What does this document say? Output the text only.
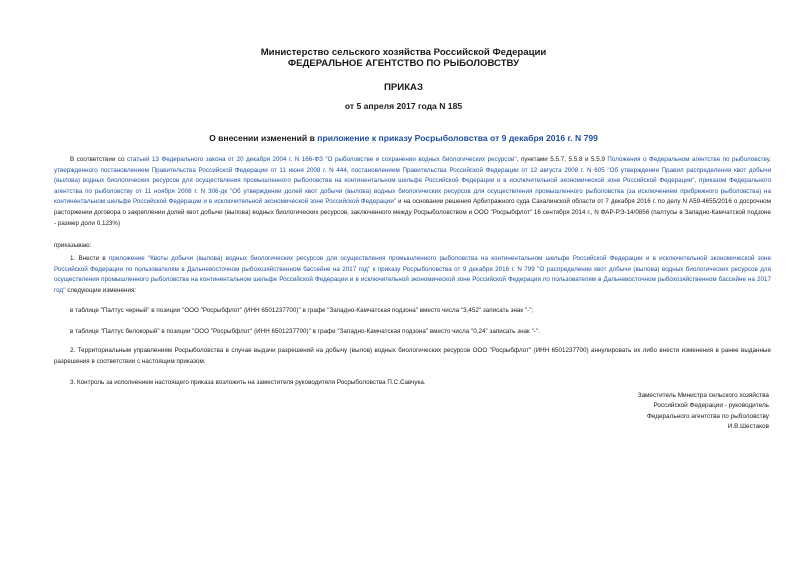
Министерство сельского хозяйства Российской Федерации
ФЕДЕРАЛЬНОЕ АГЕНТСТВО ПО РЫБОЛОВСТВУ
ПРИКАЗ
от 5 апреля 2017 года N 185
О внесении изменений в приложение к приказу Росрыболовства от 9 декабря 2016 г. N 799
В соответствии со статьей 13 Федерального закона от 20 декабря 2004 г. N 166-ФЗ "О рыболовстве и сохранении водных биологических ресурсов", пунктами 5.5.7, 5.5.8 и 5.5.9 Положения о Федеральном агентстве по рыболовству, утвержденного постановлением Правительства Российской Федерации от 11 июня 2008 г. N 444, постановлением Правительства Российской Федерации от 12 августа 2008 г. N 605 "Об утверждении Правил распределения квот добычи (вылова) водных биологических ресурсов для осуществления промышленного рыболовства на континентальном шельфе Российской Федерации и в исключительной экономической зоне Российской Федерации", приказом Федерального агентства по рыболовству от 11 ноября 2008 г. N 306-дк "Об утверждении долей квот добычи (вылова) водных биологических ресурсов для осуществления промышленного рыболовства (за исключением прибрежного рыболовства) на континентальном шельфе Российской Федерации и в исключительной экономической зоне Российской Федерации" и на основании решения Арбитражного суда Сахалинской области от 7 декабря 2016 г. по делу N А59-4655/2016 о досрочном расторжении договора о закреплении долей квот добычи (вылова) водных биологических ресурсов, заключенного между Росрыболовством и ООО "Росрыбфлот" 16 сентября 2014 г., N ФАР-РЭ-14/0856 (палтусы в Западно-Камчатской подзоне - размер доли 0,123%)
приказываю:
1. Внести в приложение "Квоты добычи (вылова) водных биологических ресурсов для осуществления промышленного рыболовства на континентальном шельфе Российской Федерации и в исключительной экономической зоне Российской Федерации по пользователям в Дальневосточном рыбохозяйственном бассейне на 2017 год" к приказу Росрыболовства от 9 декабря 2016 г. N 799 "О распределении квот добычи (вылова) водных биологических ресурсов для осуществления промышленного рыболовства на континентальном шельфе Российской Федерации и в исключительной экономической зоне Российской Федерации по пользователям в Дальневосточном рыбохозяйственном бассейне на 2017 год" следующие изменения:
в таблице "Палтус черный" в позиции "ООО "Росрыбфлот" (ИНН 6501237700)" в графе "Западно-Камчатская подзона" вместо числа "3,452" записать знак "-";
в таблице "Палтус белокорый" в позиции "ООО "Росрыбфлот" (ИНН 6501237700)" в графе "Западно-Камчатская подзона" вместо числа "0,24" записать знак "-".
2. Территориальным управлениям Росрыболовства в случае выдачи разрешений на добычу (вылов) водных биологических ресурсов ООО "Росрыбфлот" (ИНН 6501237700) аннулировать их либо внести изменения в ранее выданные разрешения в соответствии с настоящим приказом.
3. Контроль за исполнением настоящего приказа возложить на заместителя руководителя Росрыболовства П.С.Савчука.
Заместитель Министра сельского хозяйства
Российской Федерации - руководитель
Федерального агентства по рыболовству
И.В.Шестаков
